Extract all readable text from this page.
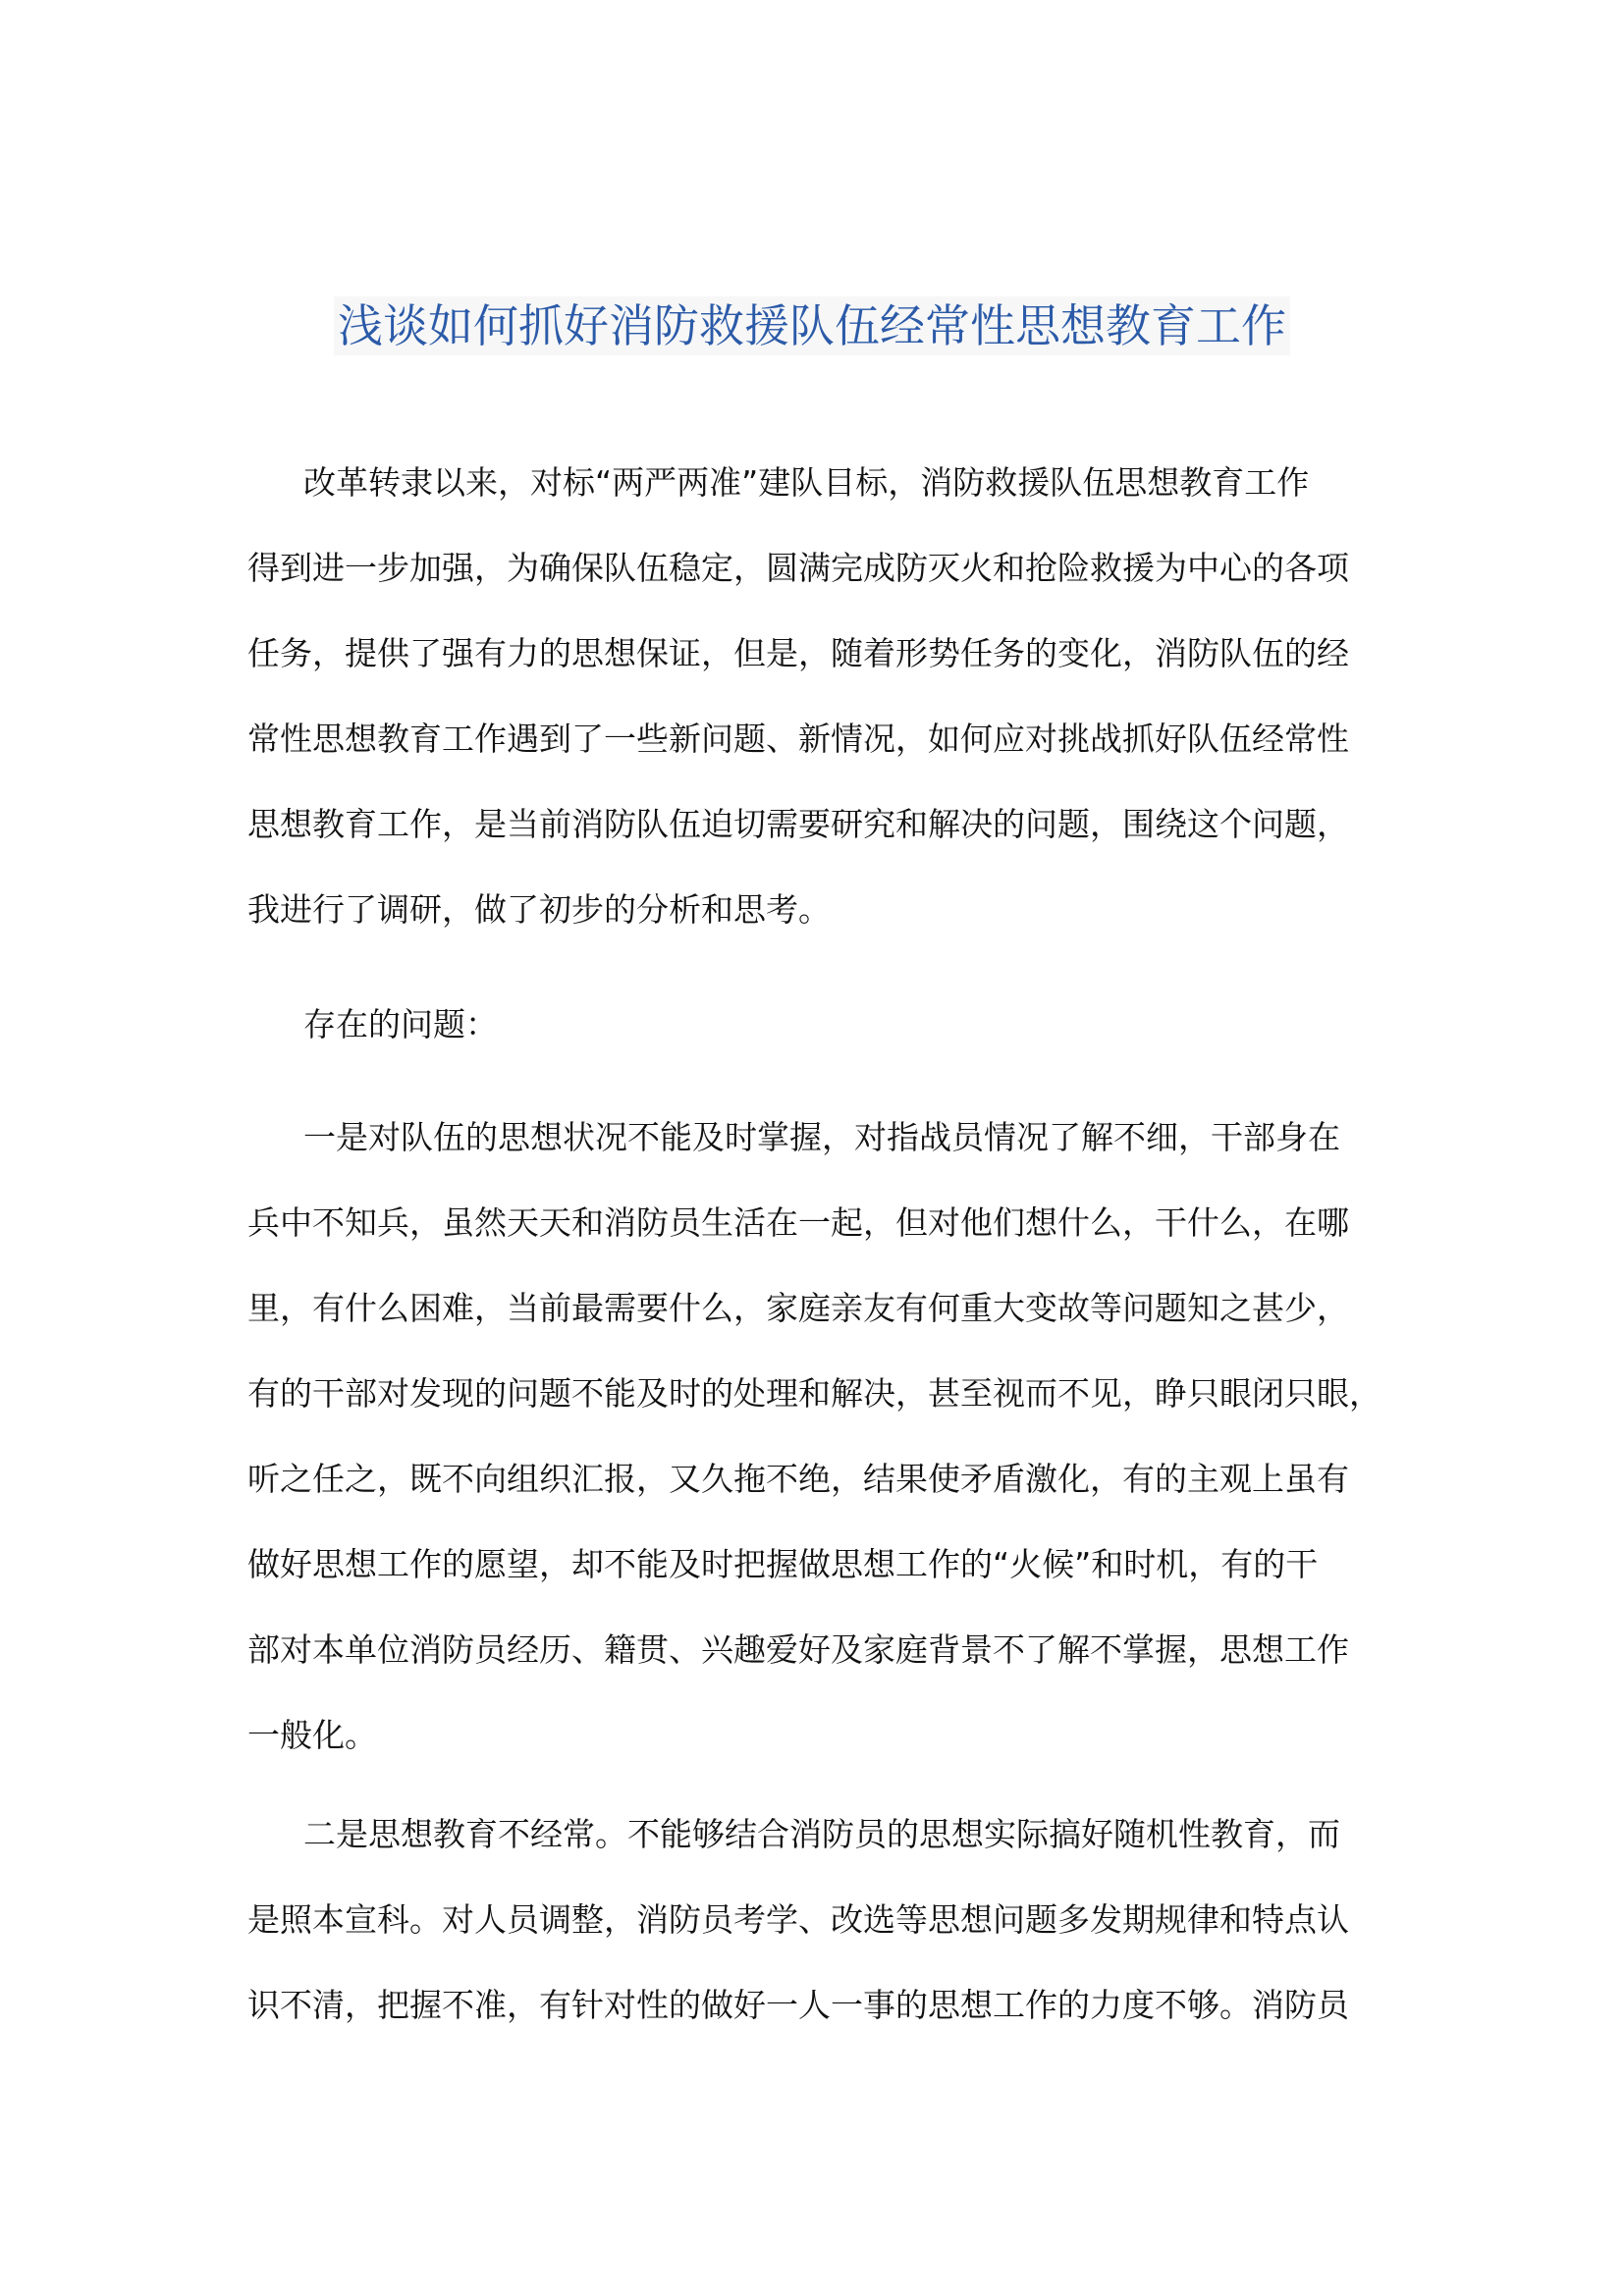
浅谈如何抓好消防救援队伍经常性思想教育工作
改革转隶以来，对标“两严两准”建队目标，消防救援队伍思想教育工作
得到进一步加强，为确保队伍稳定，圆满完成防灭火和抢险救援为中心的各项
任务，提供了强有力的思想保证，但是，随着形势任务的变化，消防队伍的经
常性思想教育工作遇到了一些新问题、新情况，如何应对挑战抓好队伍经常性
思想教育工作，是当前消防队伍迫切需要研究和解决的问题，围绕这个问题，
我进行了调研，做了初步的分析和思考。
存在的问题：
一是对队伍的思想状况不能及时掌握，对指战员情况了解不细，干部身在
兵中不知兵，虽然天天和消防员生活在一起，但对他们想什么，干什么，在哪
里，有什么困难，当前最需要什么，家庭亲友有何重大变故等问题知之甚少，
有的干部对发现的问题不能及时的处理和解决，甚至视而不见，睁只眼闭只眼，
听之任之，既不向组织汇报，又久拖不绝，结果使矛盾激化，有的主观上虽有
做好思想工作的愿望，却不能及时把握做思想工作的“火候”和时机，有的干
部对本单位消防员经历、籍贯、兴趣爱好及家庭背景不了解不掌握，思想工作
一般化。
二是思想教育不经常。不能够结合消防员的思想实际搞好随机性教育，而
是照本宣科。对人员调整，消防员考学、改选等思想问题多发期规律和特点认
识不清，把握不准，有针对性的做好一人一事的思想工作的力度不够。消防员
